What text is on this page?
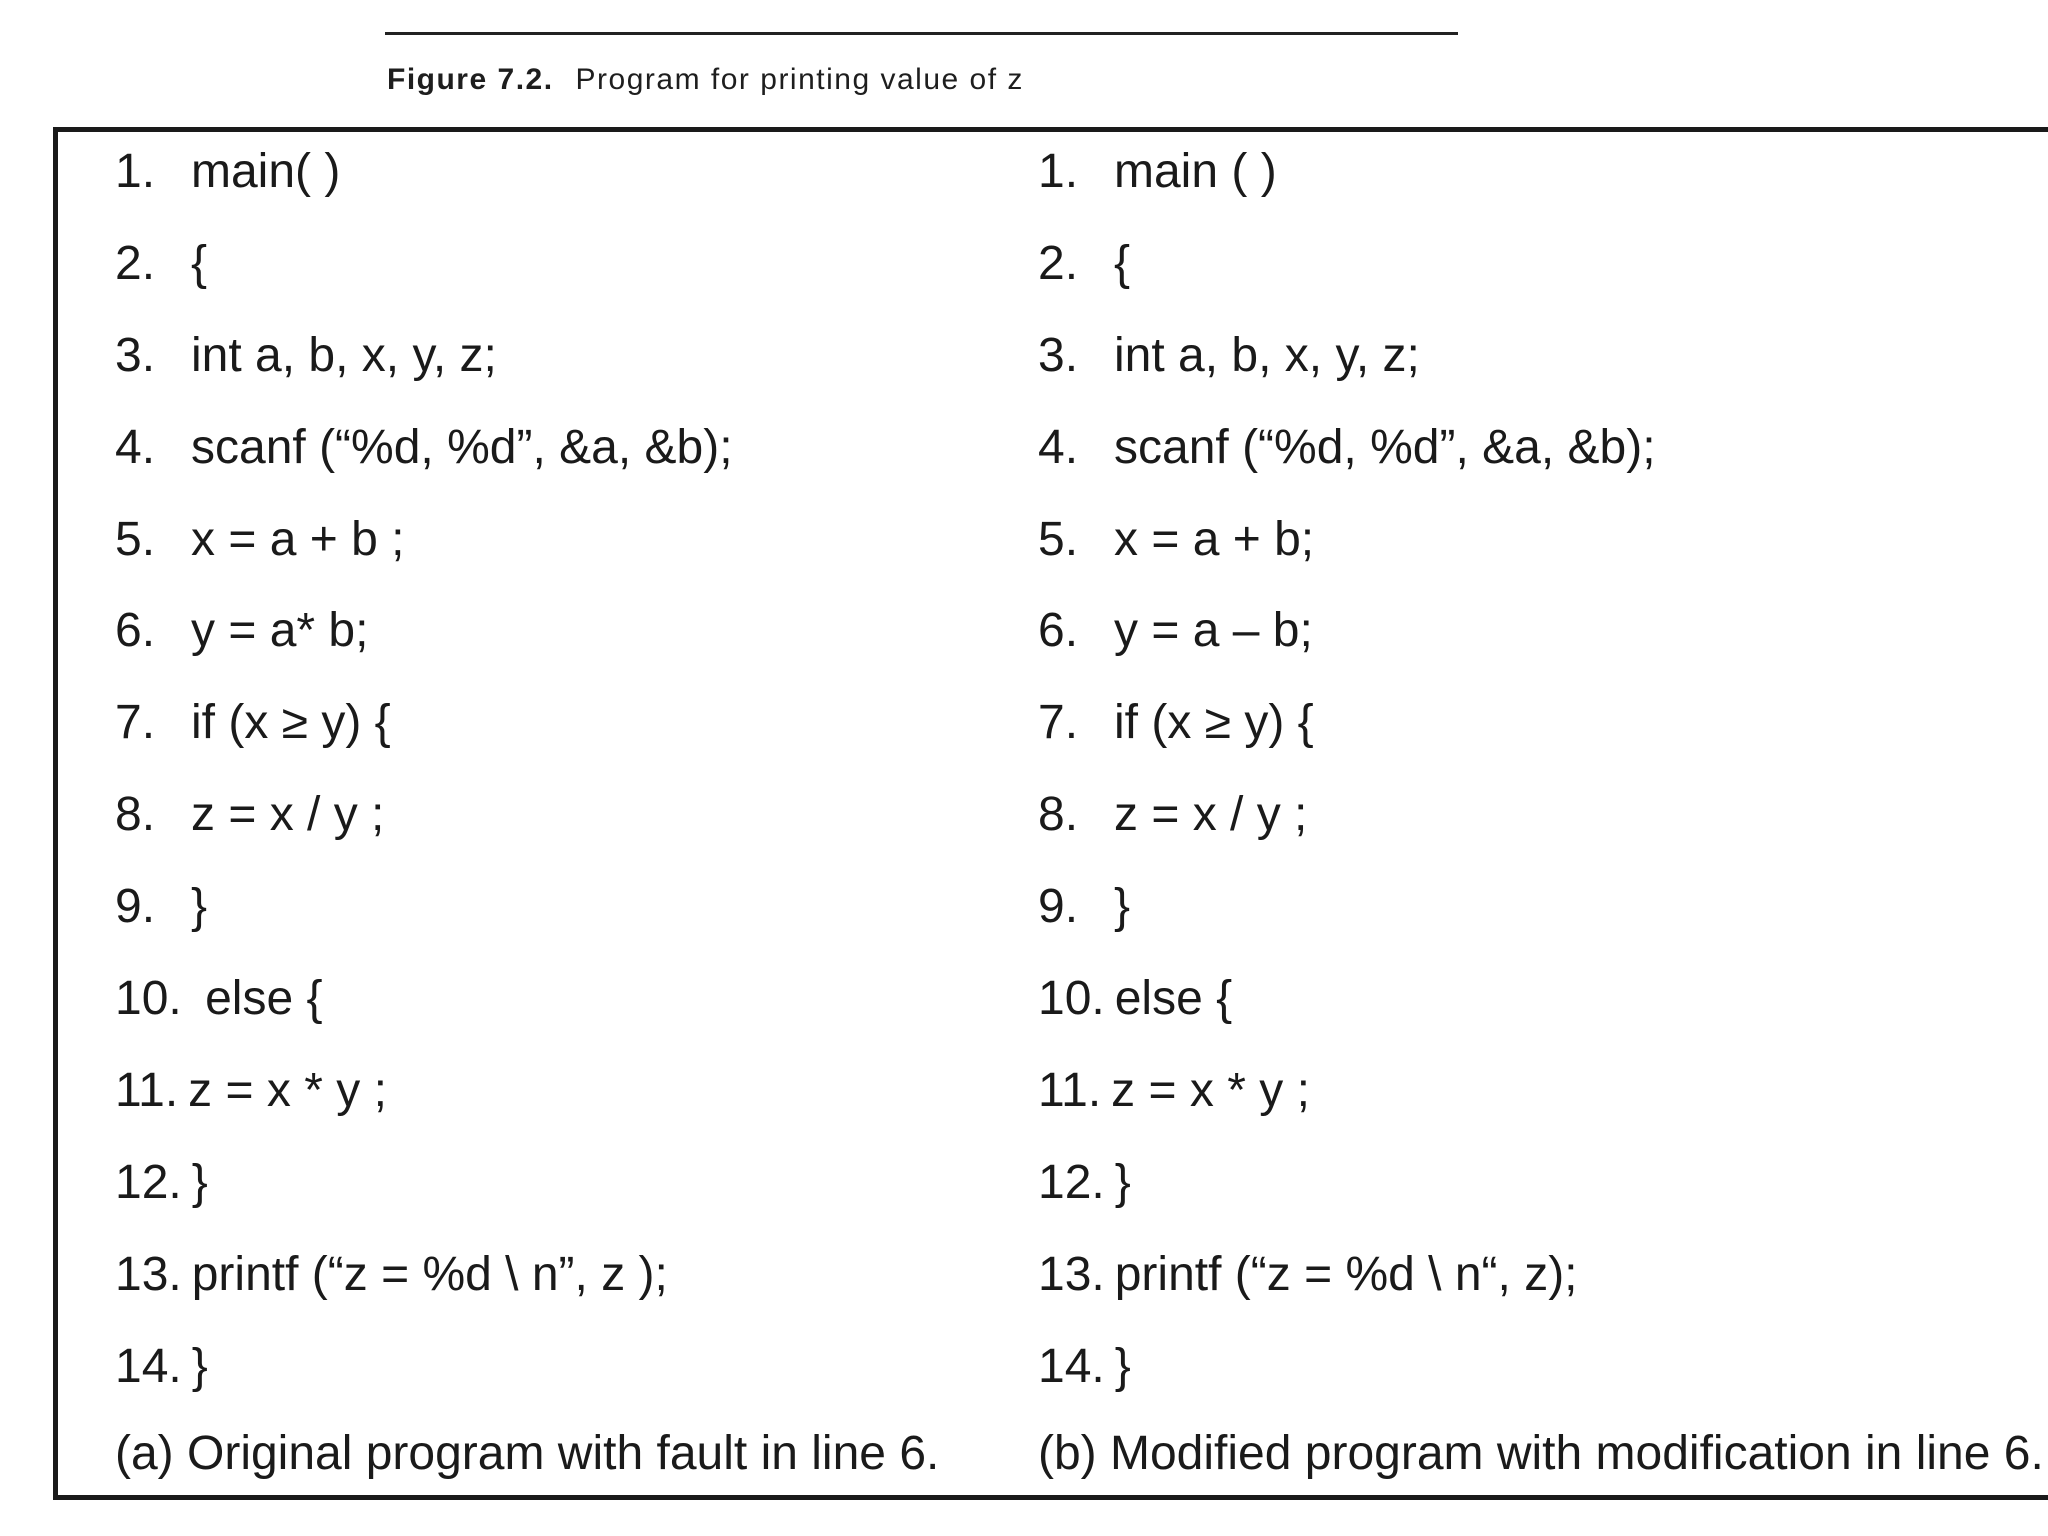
Figure 7.2. Program for printing value of z
1. main( )
2. {
3. int a, b, x, y, z;
4. scanf (“%d, %d”, &a, &b);
5. x = a + b ;
6. y = a* b;
7. if (x ≥ y) {
8. z = x / y ;
9. }
10. else {
11. z = x * y ;
12. }
13. printf (“z = %d \ n”, z );
14. }
1. main ( )
2. {
3. int a, b, x, y, z;
4. scanf (“%d, %d”, &a, &b);
5. x = a + b;
6. y = a – b;
7. if (x ≥ y) {
8. z = x / y ;
9. }
10. else {
11. z = x * y ;
12. }
13. printf (“z = %d \ n“, z);
14. }
(a) Original program with fault in line 6. (b) Modified program with modification in line 6.
